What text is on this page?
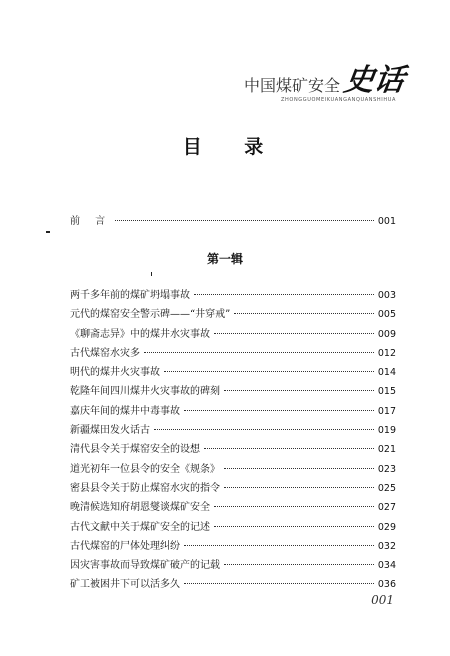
中国煤矿安全 史话
ZHONGGUOMEIKUANGANQUANSHIHUA
目 录
前 言	001
第一辑
两千多年前的煤矿坍塌事故	003
元代的煤窑安全警示碑——“井穿戒”	005
《聊斋志异》中的煤井水灾事故	009
古代煤窑水灾多	012
明代的煤井火灾事故	014
乾隆年间四川煤井火灾事故的碑刻	015
嘉庆年间的煤井中毒事故	017
新疆煤田发火话古	019
清代县令关于煤窑安全的设想	021
道光初年一位县令的安全《规条》	023
密县县令关于防止煤窑水灾的指令	025
晚清候选知府胡恩燮谈煤矿安全	027
古代文献中关于煤矿安全的记述	029
古代煤窑的尸体处理纠纷	032
因灾害事故而导致煤矿破产的记载	034
矿工被困井下可以活多久	036
001
